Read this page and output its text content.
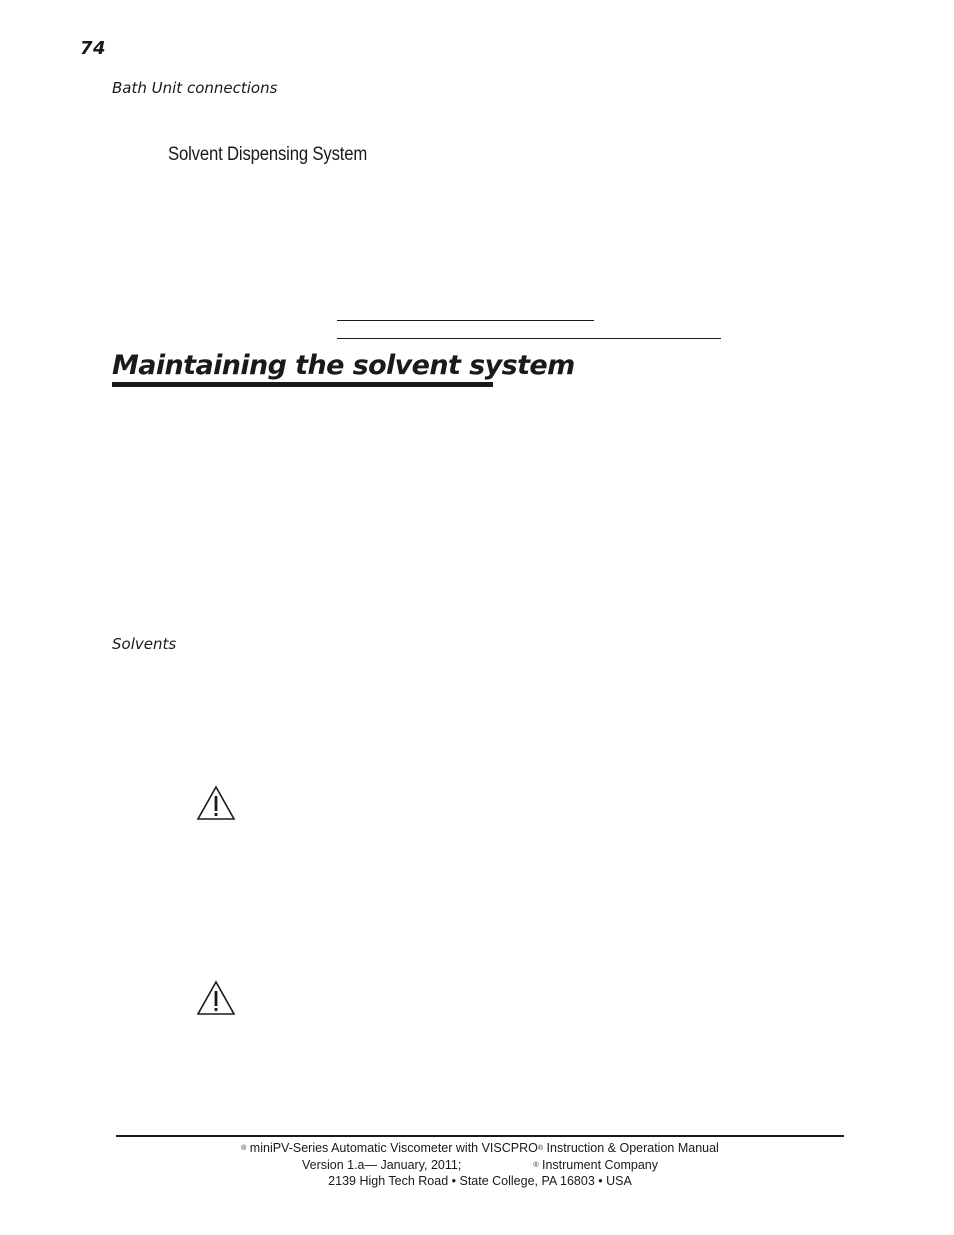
74
Bath Unit connections
Solvent Dispensing System
Maintaining the solvent system
Solvents
® miniPV-Series Automatic Viscometer with VISCPRO® Instruction & Operation Manual
Version 1.a— January, 2011;	® Instrument Company
2139 High Tech Road • State College, PA 16803 • USA
